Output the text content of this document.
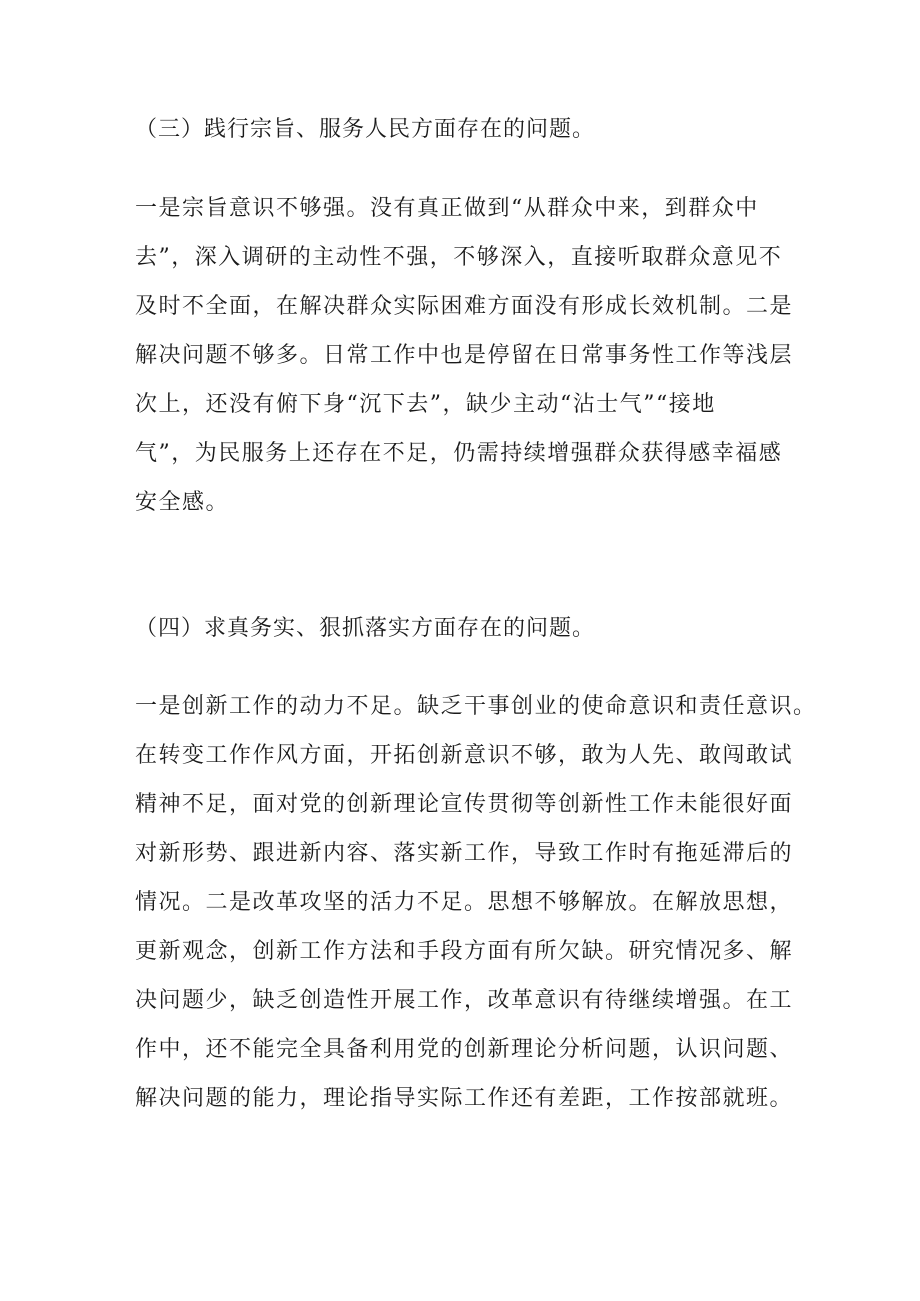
（三）践行宗旨、服务人民方面存在的问题。
一是宗旨意识不够强。没有真正做到“从群众中来，到群众中
去”，深入调研的主动性不强，不够深入，直接听取群众意见不
及时不全面，在解决群众实际困难方面没有形成长效机制。二是
解决问题不够多。日常工作中也是停留在日常事务性工作等浅层
次上，还没有俯下身“沉下去”，缺少主动“沾士气”“接地
气”，为民服务上还存在不足，仍需持续增强群众获得感幸福感
安全感。
（四）求真务实、狠抓落实方面存在的问题。
一是创新工作的动力不足。缺乏干事创业的使命意识和责任意识。
在转变工作作风方面，开拓创新意识不够，敢为人先、敢闯敢试
精神不足，面对党的创新理论宣传贯彻等创新性工作未能很好面
对新形势、跟进新内容、落实新工作，导致工作时有拖延滞后的
情况。二是改革攻坚的活力不足。思想不够解放。在解放思想，
更新观念，创新工作方法和手段方面有所欠缺。研究情况多、解
决问题少，缺乏创造性开展工作，改革意识有待继续增强。在工
作中，还不能完全具备利用党的创新理论分析问题，认识问题、
解决问题的能力，理论指导实际工作还有差距，工作按部就班。
